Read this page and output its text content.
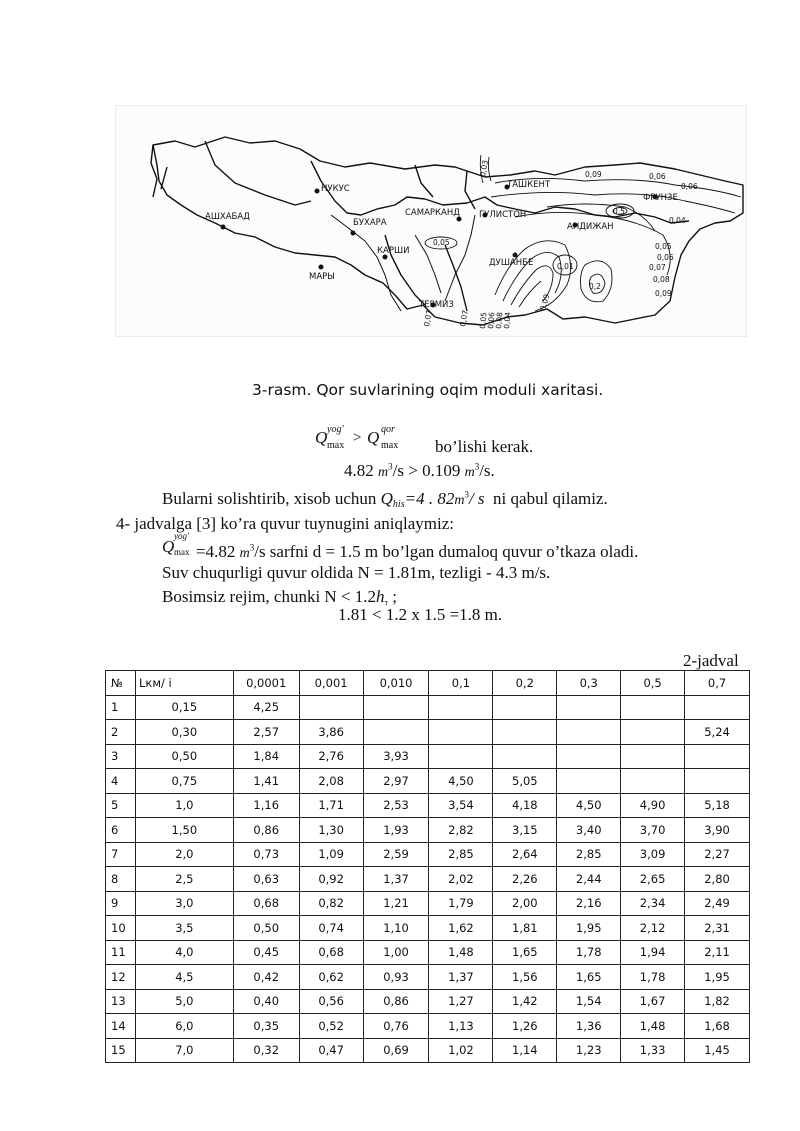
НУКУС
АШХАБАД
БУХАРА
САМАРКАНД
ТАШКЕНТ
КАРШИ
МАРЫ
ТЕРМИЗ
ГУЛИСТОН
ДУШАНБЕ
ФРУНЗЕ
АНДИЖАН
0,09	0,06
0,06
0,04
0,05
0,06
0,07
0,08
0,09
0,05
0,01
0,2
0,5
0,09
0,07	0,07 0,05
0,06
0,08
0,04
0,03
3-rasm. Qor suvlarining oqim moduli xaritasi.
Q yog'
max > Q qor
max bo’lishi kerak.
4.82 $m^3/s > 0.109$ $m^3/s$.
Bularni solishtirib, xisob uchun Qhis=4 . $82m^3/$ s ni qabul qilamiz.
4- jadvalga [3] ko’ra quvur tuynugini aniqlaymiz:
Q
yog'
max =4.82 $m^3/s$ sarfni d = 1.5 m bo’lgan dumaloq quvur o’tkaza oladi.
Suv chuqurligi quvur oldida N = 1.81m, tezligi - 4.3 m/s.
Bosimsiz rejim, chunki N < 1.2hт ;
1.81 < 1.2 x 1.5 =1.8 m.
2-jadval
№	Lкм/ i	0,0001	0,001	0,010	0,1	0,2	0,3	0,5	0,7
1	0,15	4,25							
2	0,30	2,57	3,86						5,24
3	0,50	1,84	2,76	3,93					
4	0,75	1,41	2,08	2,97	4,50	5,05			
5	1,0	1,16	1,71	2,53	3,54	4,18	4,50	4,90	5,18
6	1,50	0,86	1,30	1,93	2,82	3,15	3,40	3,70	3,90
7	2,0	0,73	1,09	2,59	2,85	2,64	2,85	3,09	2,27
8	2,5	0,63	0,92	1,37	2,02	2,26	2,44	2,65	2,80
9	3,0	0,68	0,82	1,21	1,79	2,00	2,16	2,34	2,49
10	3,5	0,50	0,74	1,10	1,62	1,81	1,95	2,12	2,31
11	4,0	0,45	0,68	1,00	1,48	1,65	1,78	1,94	2,11
12	4,5	0,42	0,62	0,93	1,37	1,56	1,65	1,78	1,95
13	5,0	0,40	0,56	0,86	1,27	1,42	1,54	1,67	1,82
14	6,0	0,35	0,52	0,76	1,13	1,26	1,36	1,48	1,68
15	7,0	0,32	0,47	0,69	1,02	1,14	1,23	1,33	1,45
